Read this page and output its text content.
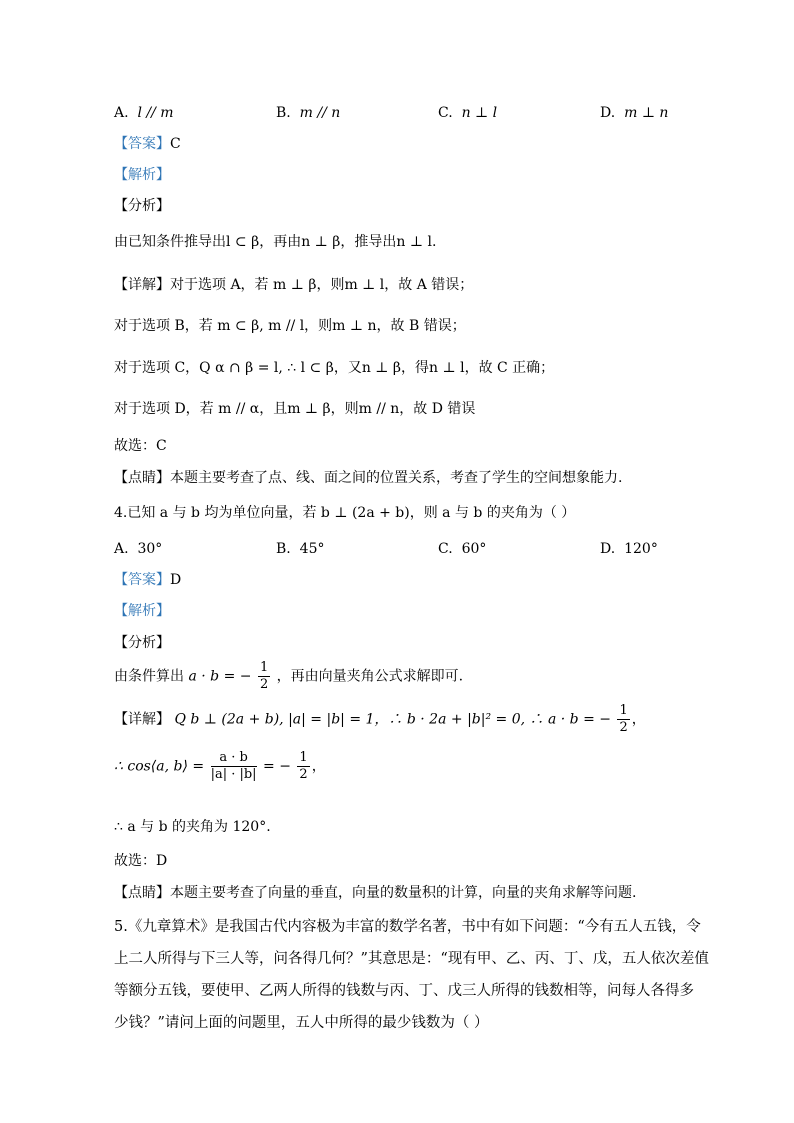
A. l // m	B. m // n	C. n ⊥ l	D. m ⊥ n
【答案】C
【解析】
【分析】
由已知条件推导出l ⊂ β，再由n ⊥ β，推导出n ⊥ l.
【详解】对于选项 A，若 m ⊥ β，则m ⊥ l，故 A 错误；
对于选项 B，若 m ⊂ β, m // l，则m ⊥ n，故 B 错误；
对于选项 C，Q α ∩ β = l, ∴ l ⊂ β，又n ⊥ β，得n ⊥ l，故 C 正确；
对于选项 D，若 m // α，且m ⊥ β，则m // n，故 D 错误
故选：C
【点睛】本题主要考查了点、线、面之间的位置关系，考查了学生的空间想象能力.
4.已知 a 与 b 均为单位向量，若 b ⊥ (2a + b)，则 a 与 b 的夹角为（ ）
A. 30°	B. 45°	C. 60°	D. 120°
【答案】D
【解析】
【分析】
由条件算出 a · b = − $\frac{1}{2}$ ，再由向量夹角公式求解即可.
【详解】 Q b ⊥ (2a + b), |a| = |b| = 1，∴ b · 2a + |b|² = 0, ∴ a · b = − $\frac{1}{2}$ ，
∴ cos⟨a, b⟩ = $\frac{a \cdot b}{|a| \cdot |b|}$ = − $\frac{1}{2}$ ，
∴ a 与 b 的夹角为 120°.
故选：D
【点睛】本题主要考查了向量的垂直，向量的数量积的计算，向量的夹角求解等问题.
5.《九章算术》是我国古代内容极为丰富的数学名著，书中有如下问题：“今有五人五钱，令
上二人所得与下三人等，问各得几何？”其意思是：“现有甲、乙、丙、丁、戊，五人依次差值
等额分五钱，要使甲、乙两人所得的钱数与丙、丁、戊三人所得的钱数相等，问每人各得多
少钱？”请问上面的问题里，五人中所得的最少钱数为（ ）
